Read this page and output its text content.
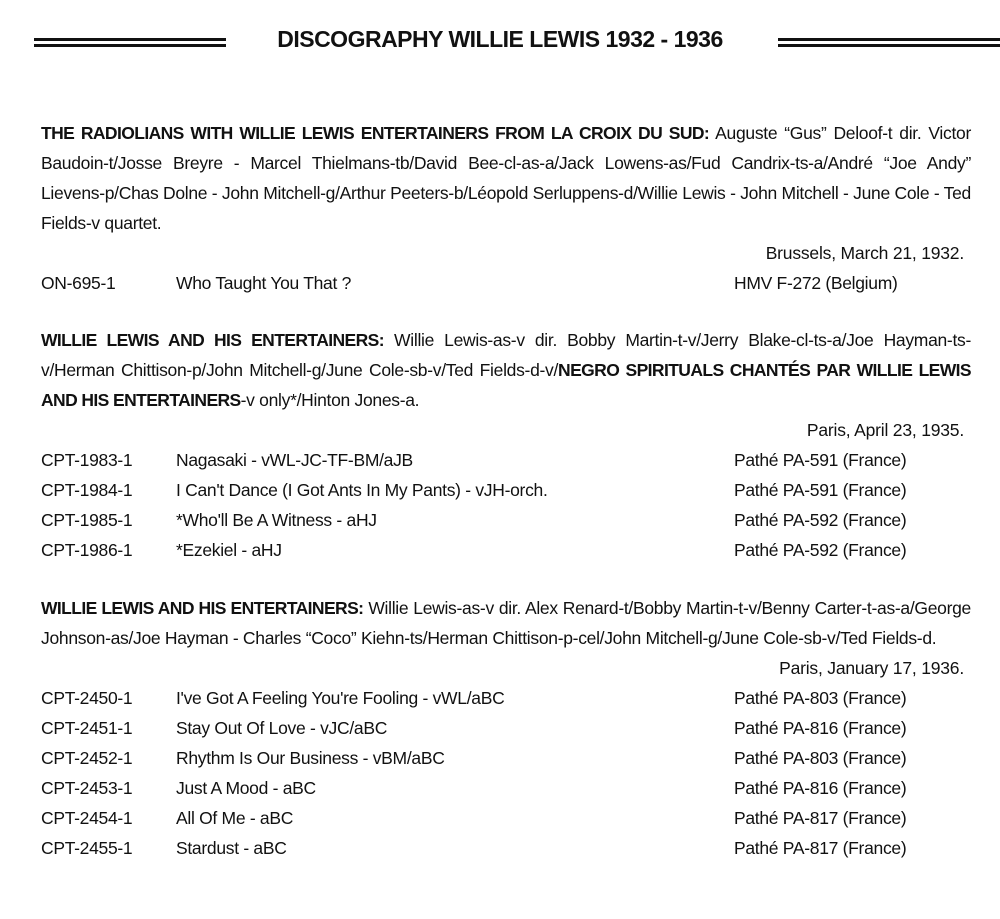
DISCOGRAPHY WILLIE LEWIS 1932 - 1936

THE RADIOLIANS WITH WILLIE LEWIS ENTERTAINERS FROM LA CROIX DU SUD: Auguste “Gus” Deloof-t dir. Victor Baudoin-t/Josse Breyre - Marcel Thielmans-tb/David Bee-cl-as-a/Jack Lowens-as/Fud Candrix-ts-a/André “Joe Andy” Lievens-p/Chas Dolne - John Mitchell-g/Arthur Peeters-b/Léopold Serluppens-d/Willie Lewis - John Mitchell - June Cole - Ted Fields-v quartet.

Brussels, March 21, 1932.
ON-695-1	Who Taught You That ?	HMV F-272 (Belgium)

WILLIE LEWIS AND HIS ENTERTAINERS: Willie Lewis-as-v dir. Bobby Martin-t-v/Jerry Blake-cl-ts-a/Joe Hayman-ts-v/Herman Chittison-p/John Mitchell-g/June Cole-sb-v/Ted Fields-d-v/NEGRO SPIRITUALS CHANTÉS PAR WILLIE LEWIS AND HIS ENTERTAINERS-v only*/Hinton Jones-a.

Paris, April 23, 1935.
CPT-1983-1 Nagasaki - vWL-JC-TF-BM/aJB	Pathé PA-591 (France)
CPT-1984-1 I Can't Dance (I Got Ants In My Pants) - vJH-orch.	Pathé PA-591 (France)
CPT-1985-1 *Who'll Be A Witness - aHJ	Pathé PA-592 (France)
CPT-1986-1 *Ezekiel - aHJ	Pathé PA-592 (France)

WILLIE LEWIS AND HIS ENTERTAINERS: Willie Lewis-as-v dir. Alex Renard-t/Bobby Martin-t-v/Benny Carter-t-as-a/George Johnson-as/Joe Hayman - Charles “Coco” Kiehn-ts/Herman Chittison-p-cel/John Mitchell-g/June Cole-sb-v/Ted Fields-d.

Paris, January 17, 1936.
CPT-2450-1 I've Got A Feeling You're Fooling - vWL/aBC	Pathé PA-803 (France)
CPT-2451-1 Stay Out Of Love - vJC/aBC	Pathé PA-816 (France)
CPT-2452-1 Rhythm Is Our Business - vBM/aBC	Pathé PA-803 (France)
CPT-2453-1 Just A Mood - aBC	Pathé PA-816 (France)
CPT-2454-1 All Of Me - aBC	Pathé PA-817 (France)
CPT-2455-1 Stardust - aBC	Pathé PA-817 (France)
